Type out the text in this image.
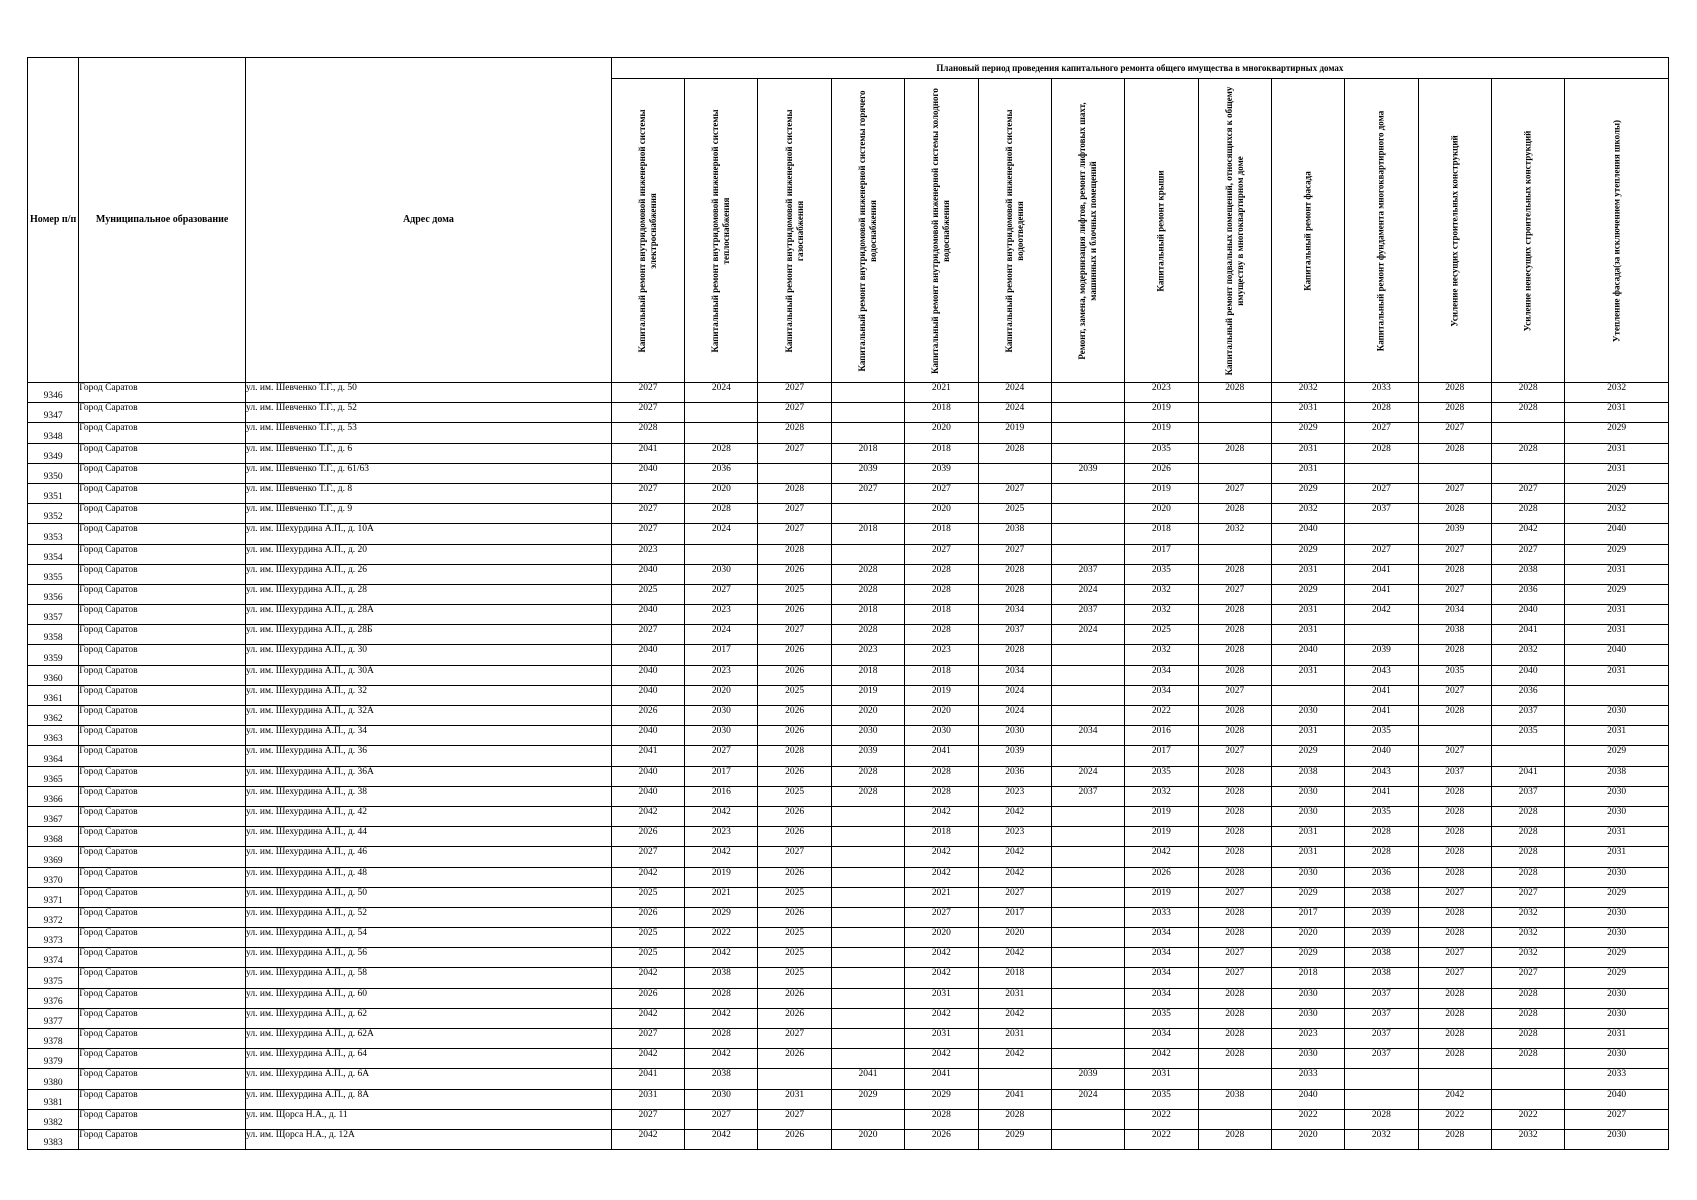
Номер п/п	Муниципальное образование	Адрес дома	Плановый период проведения капитального ремонта общего имущества в многоквартирных домах													

			Капитальный ремонт внутридомовой инженерной системы электроснабжения	Капитальный ремонт внутридомовой инженерной системы теплоснабжения	Капитальный ремонт внутридомовой инженерной системы газоснабжения	Капитальный ремонт внутридомовой инженерной системы горячего водоснабжения	Капитальный ремонт внутридомовой инженерной системы холодного водоснабжения	Капитальный ремонт внутридомовой инженерной системы водоотведения	Ремонт, замена, модернизация лифтов, ремонт лифтовых шахт, машинных и блочных помещений	Капитальный ремонт крыши	Капитальный ремонт подвальных помещений, относящихся к общему имуществу в многоквартирном доме	Капитальный ремонт фасада	Капитальный ремонт фундамента многоквартирного дома	Усиление несущих строительных конструкций	Усиление ненесущих строительных конструкций	Утепление фасада(за исключением утепления школы)

9346	Город Саратов	ул. им. Шевченко Т.Г., д. 50	2027	2024	2027		2021	2024		2023	2028	2032	2033	2028	2028	2032
9347	Город Саратов	ул. им. Шевченко Т.Г., д. 52	2027		2027		2018	2024		2019		2031	2028	2028	2028	2031
9348	Город Саратов	ул. им. Шевченко Т.Г., д. 53	2028		2028		2020	2019		2019		2029	2027	2027		2029
9349	Город Саратов	ул. им. Шевченко Т.Г., д. 6	2041	2028	2027	2018	2018	2028		2035	2028	2031	2028	2028	2028	2031
9350	Город Саратов	ул. им. Шевченко Т.Г., д. 61/63	2040	2036		2039	2039		2039	2026		2031				2031
9351	Город Саратов	ул. им. Шевченко Т.Г., д. 8	2027	2020	2028	2027	2027	2027		2019	2027	2029	2027	2027	2027	2029
9352	Город Саратов	ул. им. Шевченко Т.Г., д. 9	2027	2028	2027		2020	2025		2020	2028	2032	2037	2028	2028	2032
9353	Город Саратов	ул. им. Шехурдина А.П., д. 10А	2027	2024	2027	2018	2018	2038		2018	2032	2040		2039	2042	2040
9354	Город Саратов	ул. им. Шехурдина А.П., д. 20	2023		2028		2027	2027		2017		2029	2027	2027	2027	2029
9355	Город Саратов	ул. им. Шехурдина А.П., д. 26	2040	2030	2026	2028	2028	2028	2037	2035	2028	2031	2041	2028	2038	2031
9356	Город Саратов	ул. им. Шехурдина А.П., д. 28	2025	2027	2025	2028	2028	2028	2024	2032	2027	2029	2041	2027	2036	2029
9357	Город Саратов	ул. им. Шехурдина А.П., д. 28А	2040	2023	2026	2018	2018	2034	2037	2032	2028	2031	2042	2034	2040	2031
9358	Город Саратов	ул. им. Шехурдина А.П., д. 28Б	2027	2024	2027	2028	2028	2037	2024	2025	2028	2031		2038	2041	2031
9359	Город Саратов	ул. им. Шехурдина А.П., д. 30	2040	2017	2026	2023	2023	2028		2032	2028	2040	2039	2028	2032	2040
9360	Город Саратов	ул. им. Шехурдина А.П., д. 30А	2040	2023	2026	2018	2018	2034		2034	2028	2031	2043	2035	2040	2031
9361	Город Саратов	ул. им. Шехурдина А.П., д. 32	2040	2020	2025	2019	2019	2024		2034	2027		2041	2027	2036	
9362	Город Саратов	ул. им. Шехурдина А.П., д. 32А	2026	2030	2026	2020	2020	2024		2022	2028	2030	2041	2028	2037	2030
9363	Город Саратов	ул. им. Шехурдина А.П., д. 34	2040	2030	2026	2030	2030	2030	2034	2016	2028	2031	2035		2035	2031
9364	Город Саратов	ул. им. Шехурдина А.П., д. 36	2041	2027	2028	2039	2041	2039		2017	2027	2029	2040	2027		2029
9365	Город Саратов	ул. им. Шехурдина А.П., д. 36А	2040	2017	2026	2028	2028	2036	2024	2035	2028	2038	2043	2037	2041	2038
9366	Город Саратов	ул. им. Шехурдина А.П., д. 38	2040	2016	2025	2028	2028	2023	2037	2032	2028	2030	2041	2028	2037	2030
9367	Город Саратов	ул. им. Шехурдина А.П., д. 42	2042	2042	2026		2042	2042		2019	2028	2030	2035	2028	2028	2030
9368	Город Саратов	ул. им. Шехурдина А.П., д. 44	2026	2023	2026		2018	2023		2019	2028	2031	2028	2028	2028	2031
9369	Город Саратов	ул. им. Шехурдина А.П., д. 46	2027	2042	2027		2042	2042		2042	2028	2031	2028	2028	2028	2031
9370	Город Саратов	ул. им. Шехурдина А.П., д. 48	2042	2019	2026		2042	2042		2026	2028	2030	2036	2028	2028	2030
9371	Город Саратов	ул. им. Шехурдина А.П., д. 50	2025	2021	2025		2021	2027		2019	2027	2029	2038	2027	2027	2029
9372	Город Саратов	ул. им. Шехурдина А.П., д. 52	2026	2029	2026		2027	2017		2033	2028	2017	2039	2028	2032	2030
9373	Город Саратов	ул. им. Шехурдина А.П., д. 54	2025	2022	2025		2020	2020		2034	2028	2020	2039	2028	2032	2030
9374	Город Саратов	ул. им. Шехурдина А.П., д. 56	2025	2042	2025		2042	2042		2034	2027	2029	2038	2027	2032	2029
9375	Город Саратов	ул. им. Шехурдина А.П., д. 58	2042	2038	2025		2042	2018		2034	2027	2018	2038	2027	2027	2029
9376	Город Саратов	ул. им. Шехурдина А.П., д. 60	2026	2028	2026		2031	2031		2034	2028	2030	2037	2028	2028	2030
9377	Город Саратов	ул. им. Шехурдина А.П., д. 62	2042	2042	2026		2042	2042		2035	2028	2030	2037	2028	2028	2030
9378	Город Саратов	ул. им. Шехурдина А.П., д. 62А	2027	2028	2027		2031	2031		2034	2028	2023	2037	2028	2028	2031
9379	Город Саратов	ул. им. Шехурдина А.П., д. 64	2042	2042	2026		2042	2042		2042	2028	2030	2037	2028	2028	2030
9380	Город Саратов	ул. им. Шехурдина А.П., д. 6А	2041	2038		2041	2041		2039	2031		2033				2033
9381	Город Саратов	ул. им. Шехурдина А.П., д. 8А	2031	2030	2031	2029	2029	2041	2024	2035	2038	2040		2042		2040
9382	Город Саратов	ул. им. Щорса Н.А., д. 11	2027	2027	2027		2028	2028		2022		2022	2028	2022	2022	2027
9383	Город Саратов	ул. им. Щорса Н.А., д. 12А	2042	2042	2026	2020	2026	2029		2022	2028	2020	2032	2028	2032	2030
